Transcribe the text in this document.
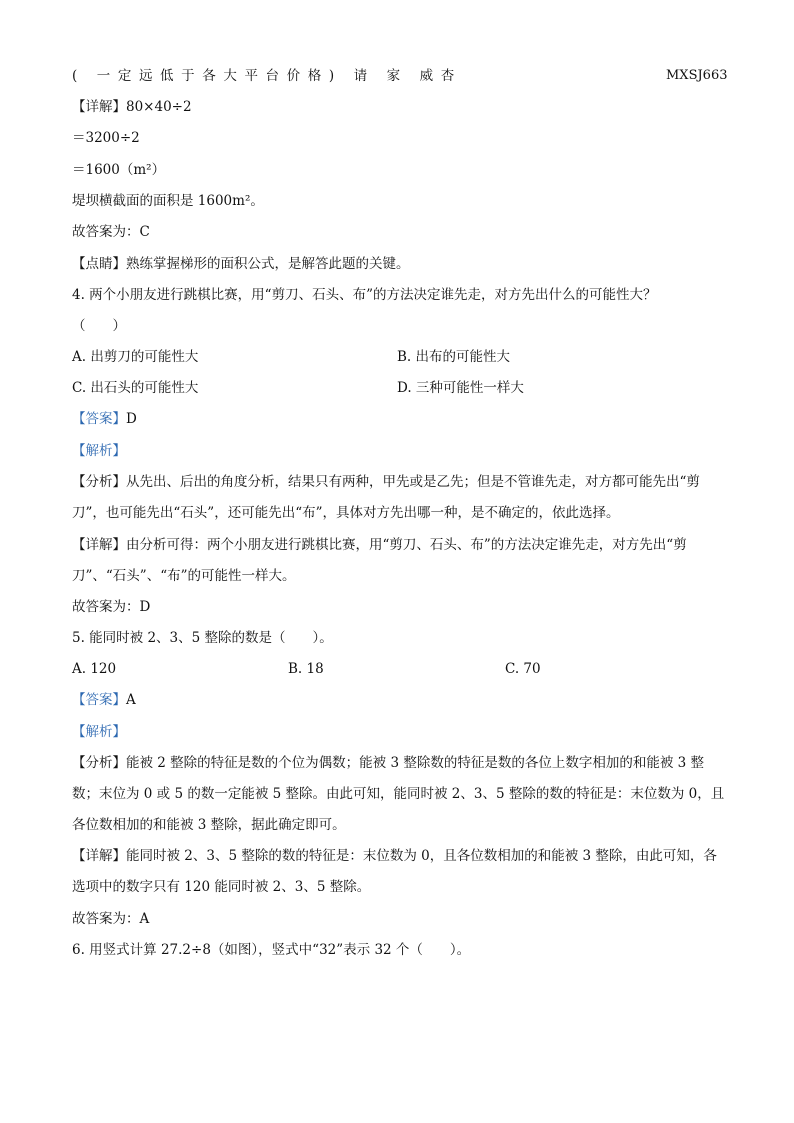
( 一定远低于各大平台价格) 请 家 威杏	MXSJ663
【详解】80×40÷2
＝3200÷2
＝1600（m²）
堤坝横截面的面积是 1600m²。
故答案为：C
【点睛】熟练掌握梯形的面积公式，是解答此题的关键。
4. 两个小朋友进行跳棋比赛，用“剪刀、石头、布”的方法决定谁先走，对方先出什么的可能性大？
（　　）
A. 出剪刀的可能性大	B. 出布的可能性大
C. 出石头的可能性大	D. 三种可能性一样大
【答案】D
【解析】
【分析】从先出、后出的角度分析，结果只有两种，甲先或是乙先；但是不管谁先走，对方都可能先出“剪
刀”，也可能先出“石头”，还可能先出“布”，具体对方先出哪一种，是不确定的，依此选择。
【详解】由分析可得：两个小朋友进行跳棋比赛，用“剪刀、石头、布”的方法决定谁先走，对方先出“剪
刀”、“石头”、“布”的可能性一样大。
故答案为：D
5. 能同时被 2、3、5 整除的数是（　　）。
A. 120	B. 18	C. 70
【答案】A
【解析】
【分析】能被 2 整除的特征是数的个位为偶数；能被 3 整除数的特征是数的各位上数字相加的和能被 3 整
数；末位为 0 或 5 的数一定能被 5 整除。由此可知，能同时被 2、3、5 整除的数的特征是：末位数为 0，且
各位数相加的和能被 3 整除，据此确定即可。
【详解】能同时被 2、3、5 整除的数的特征是：末位数为 0，且各位数相加的和能被 3 整除，由此可知，各
选项中的数字只有 120 能同时被 2、3、5 整除。
故答案为：A
6. 用竖式计算 27.2÷8（如图），竖式中“32”表示 32 个（　　）。
